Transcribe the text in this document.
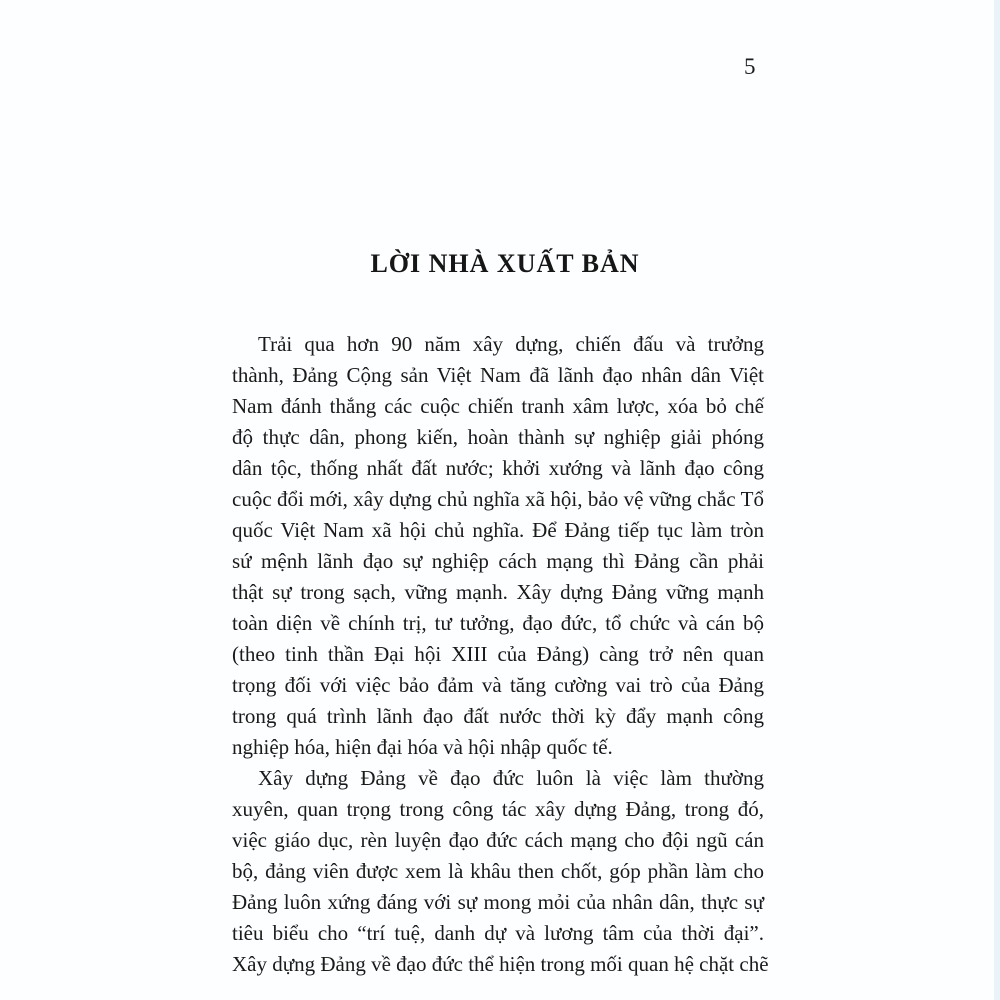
5
LỜI NHÀ XUẤT BẢN
Trải qua hơn 90 năm xây dựng, chiến đấu và trưởng
thành, Đảng Cộng sản Việt Nam đã lãnh đạo nhân dân Việt
Nam đánh thắng các cuộc chiến tranh xâm lược, xóa bỏ chế
độ thực dân, phong kiến, hoàn thành sự nghiệp giải phóng
dân tộc, thống nhất đất nước; khởi xướng và lãnh đạo công
cuộc đổi mới, xây dựng chủ nghĩa xã hội, bảo vệ vững chắc Tổ
quốc Việt Nam xã hội chủ nghĩa. Để Đảng tiếp tục làm tròn
sứ mệnh lãnh đạo sự nghiệp cách mạng thì Đảng cần phải
thật sự trong sạch, vững mạnh. Xây dựng Đảng vững mạnh
toàn diện về chính trị, tư tưởng, đạo đức, tổ chức và cán bộ
(theo tinh thần Đại hội XIII của Đảng) càng trở nên quan
trọng đối với việc bảo đảm và tăng cường vai trò của Đảng
trong quá trình lãnh đạo đất nước thời kỳ đẩy mạnh công
nghiệp hóa, hiện đại hóa và hội nhập quốc tế.
Xây dựng Đảng về đạo đức luôn là việc làm thường
xuyên, quan trọng trong công tác xây dựng Đảng, trong đó,
việc giáo dục, rèn luyện đạo đức cách mạng cho đội ngũ cán
bộ, đảng viên được xem là khâu then chốt, góp phần làm cho
Đảng luôn xứng đáng với sự mong mỏi của nhân dân, thực sự
tiêu biểu cho “trí tuệ, danh dự và lương tâm của thời đại”.
Xây dựng Đảng về đạo đức thể hiện trong mối quan hệ chặt chẽ
